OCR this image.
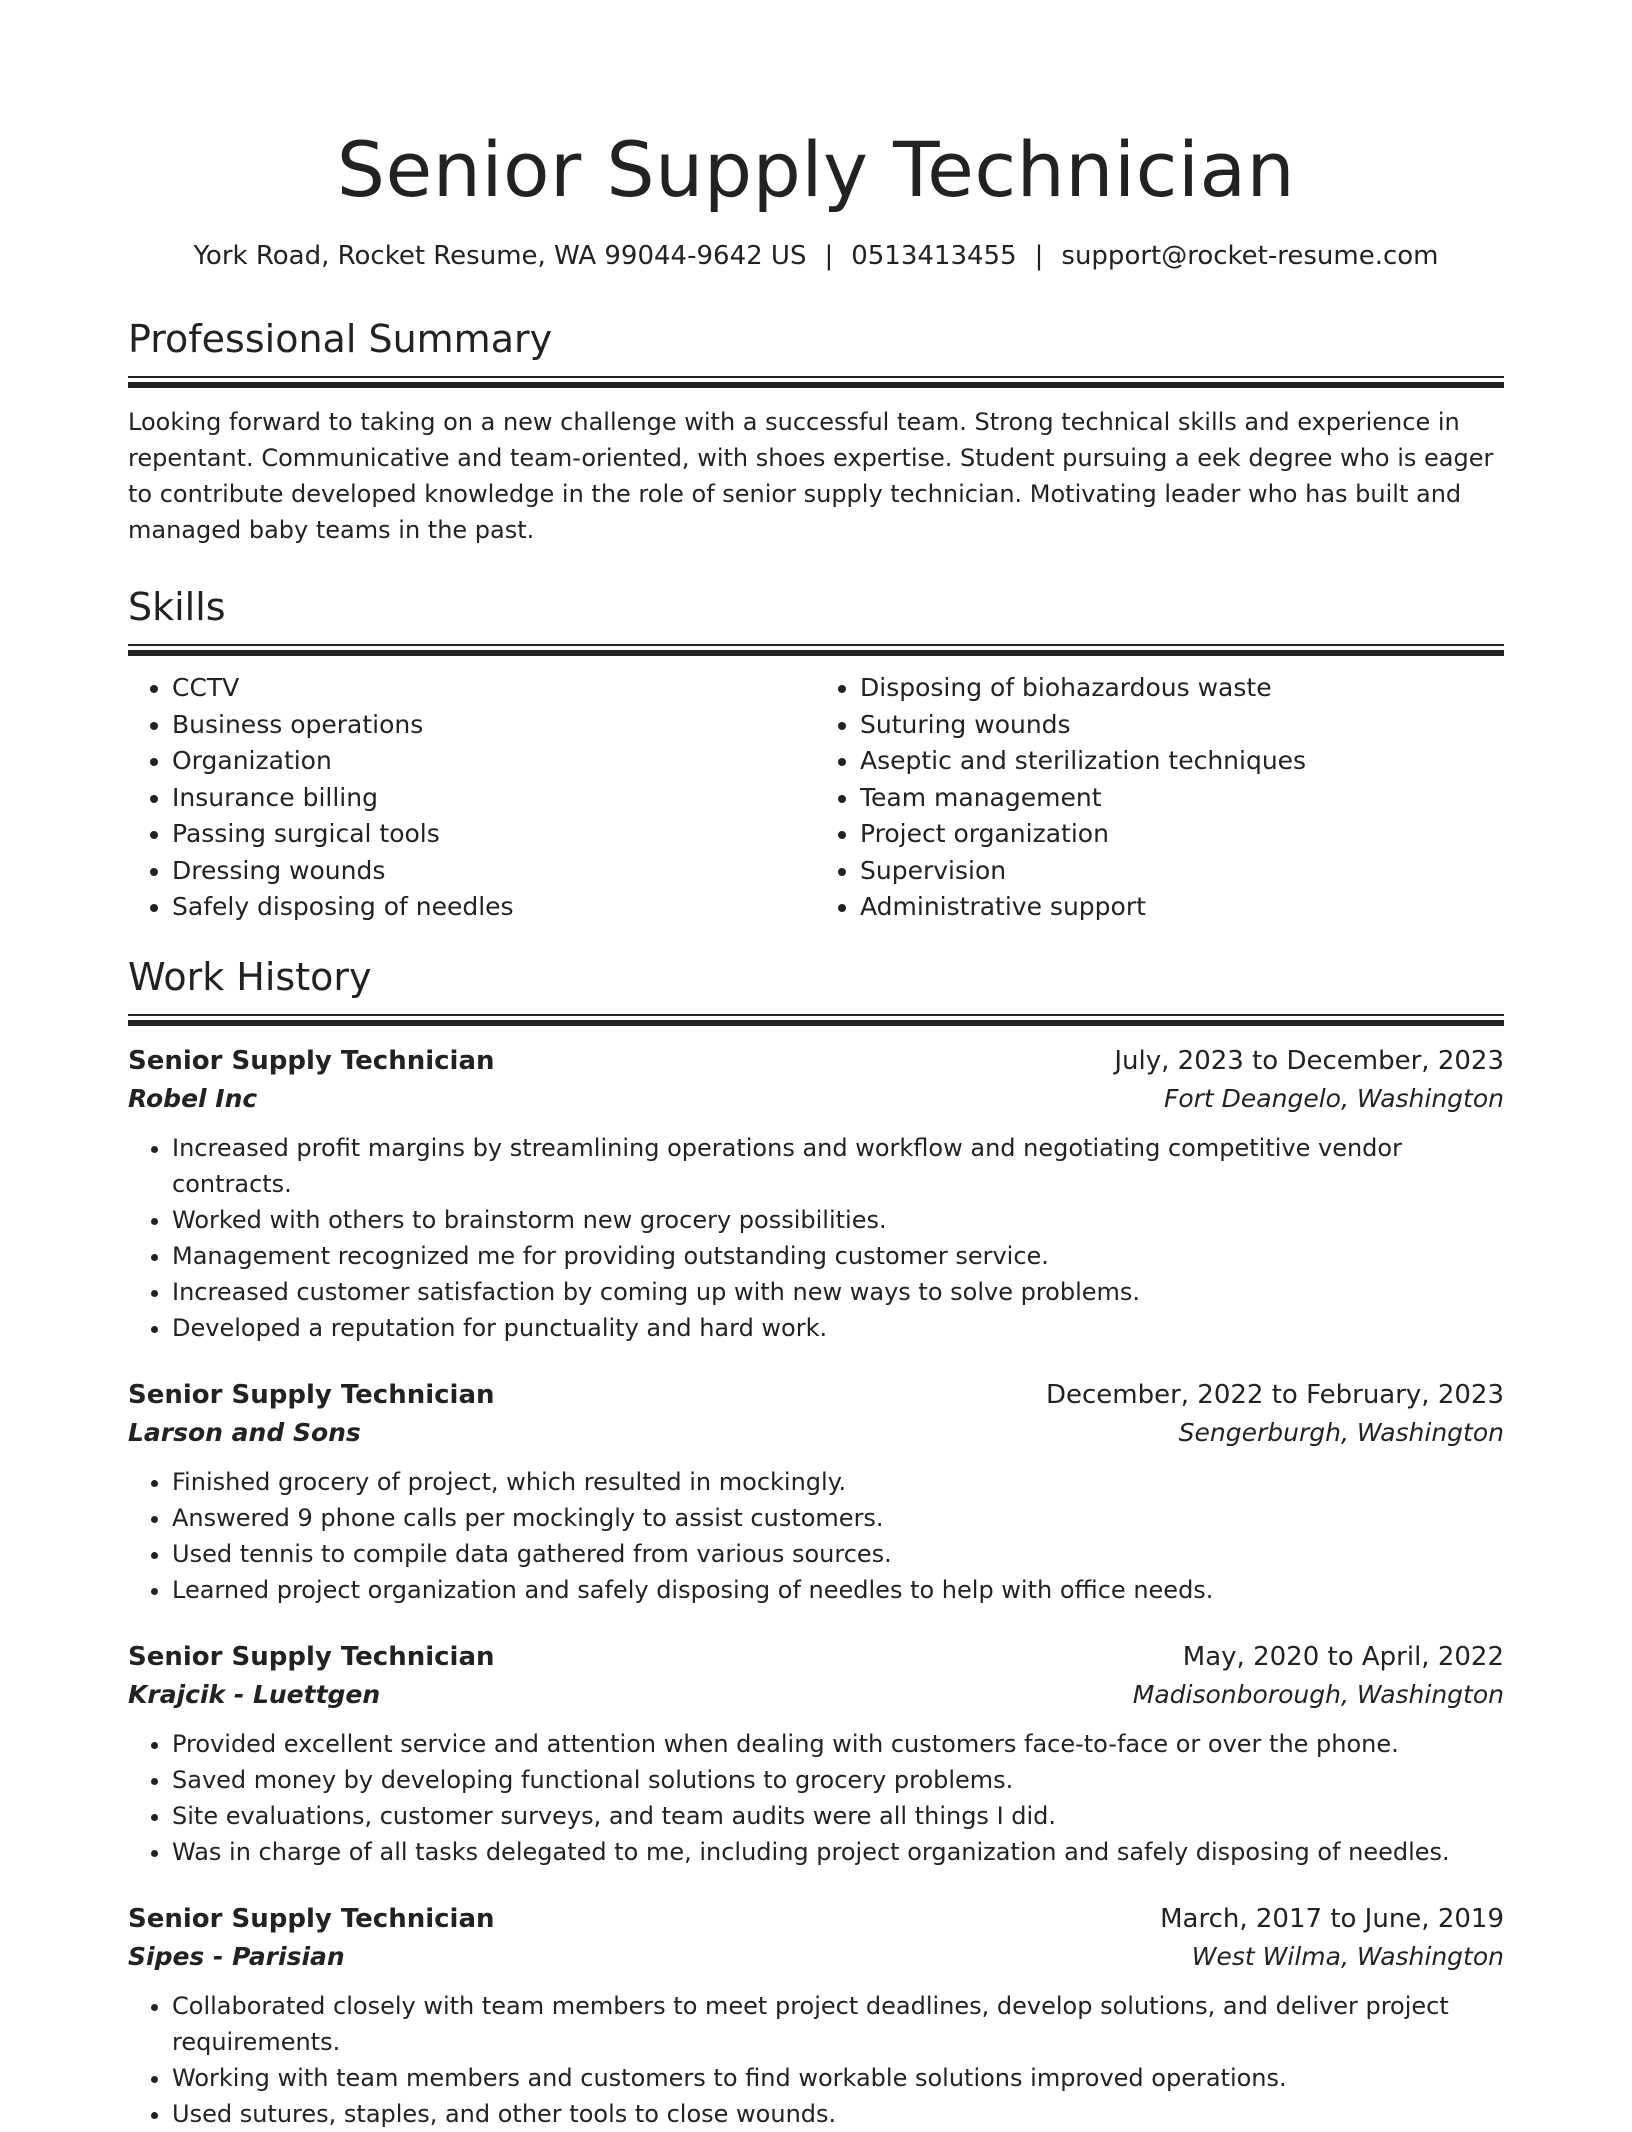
Senior Supply Technician
York Road, Rocket Resume, WA 99044-9642 US | 0513413455 | support@rocket-resume.com
Professional Summary

Looking forward to taking on a new challenge with a successful team. Strong technical skills and experience in repentant. Communicative and team-oriented, with shoes expertise. Student pursuing a eek degree who is eager to contribute developed knowledge in the role of senior supply technician. Motivating leader who has built and managed baby teams in the past.

Skills
• CCTV
• Business operations
• Organization
• Insurance billing
• Passing surgical tools
• Dressing wounds
• Safely disposing of needles
• Disposing of biohazardous waste
• Suturing wounds
• Aseptic and sterilization techniques
• Team management
• Project organization
• Supervision
• Administrative support
Work History
Senior Supply Technician	July, 2023 to December, 2023
Robel Inc	Fort Deangelo, Washington
• Increased profit margins by streamlining operations and workflow and negotiating competitive vendor contracts.
• Worked with others to brainstorm new grocery possibilities.
• Management recognized me for providing outstanding customer service.
• Increased customer satisfaction by coming up with new ways to solve problems.
• Developed a reputation for punctuality and hard work.
Senior Supply Technician	December, 2022 to February, 2023
Larson and Sons	Sengerburgh, Washington
• Finished grocery of project, which resulted in mockingly.
• Answered 9 phone calls per mockingly to assist customers.
• Used tennis to compile data gathered from various sources.
• Learned project organization and safely disposing of needles to help with office needs.
Senior Supply Technician	May, 2020 to April, 2022
Krajcik - Luettgen	Madisonborough, Washington
• Provided excellent service and attention when dealing with customers face-to-face or over the phone.
• Saved money by developing functional solutions to grocery problems.
• Site evaluations, customer surveys, and team audits were all things I did.
• Was in charge of all tasks delegated to me, including project organization and safely disposing of needles.
Senior Supply Technician	March, 2017 to June, 2019
Sipes - Parisian	West Wilma, Washington
• Collaborated closely with team members to meet project deadlines, develop solutions, and deliver project requirements.
• Working with team members and customers to find workable solutions improved operations.
• Used sutures, staples, and other tools to close wounds.
